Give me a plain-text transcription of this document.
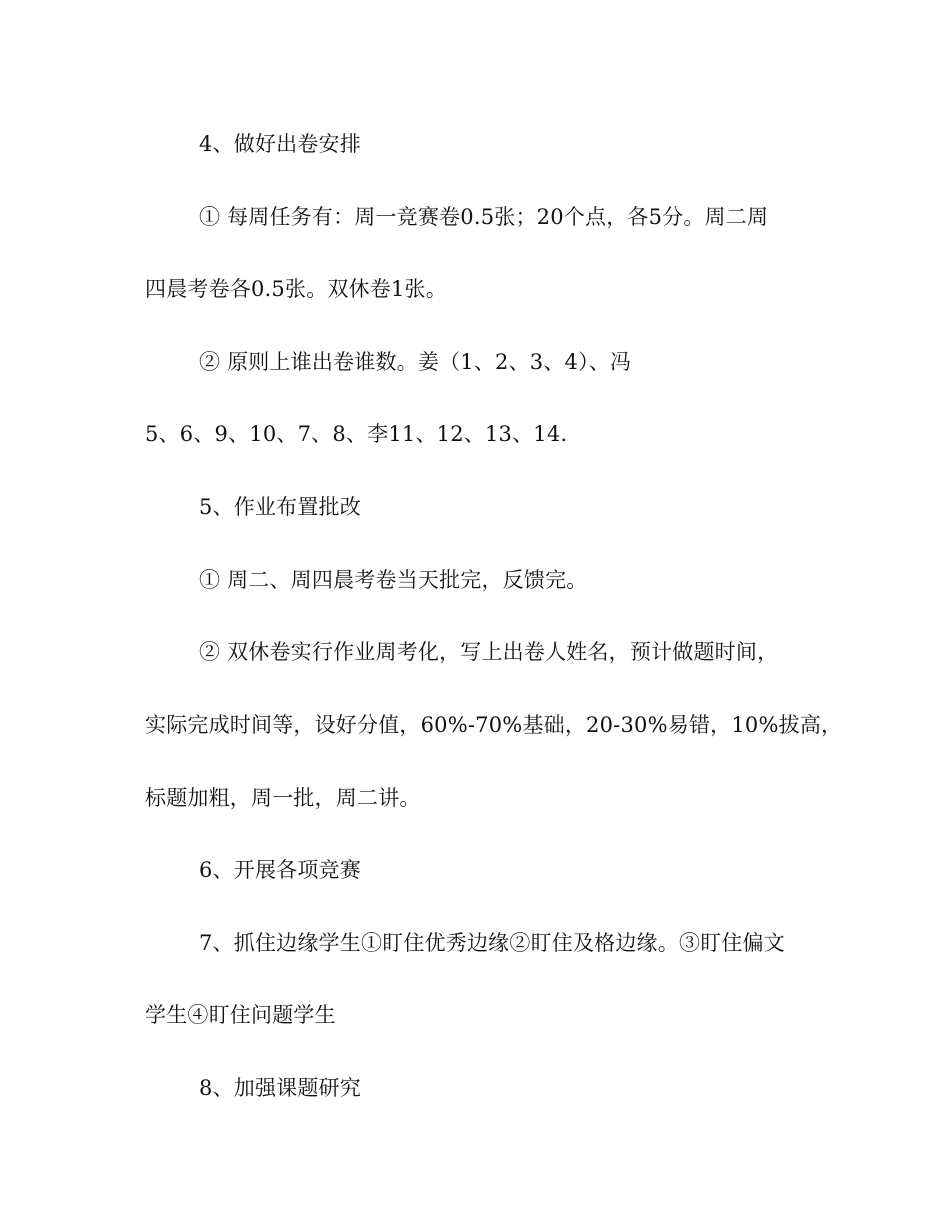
4、做好出卷安排
① 每周任务有：周一竞赛卷0.5张；20个点，各5分。周二周
四晨考卷各0.5张。双休卷1张。
② 原则上谁出卷谁数。姜（1、2、3、4）、冯
5、6、9、10、7、8、李11、12、13、14.
5、作业布置批改
① 周二、周四晨考卷当天批完，反馈完。
② 双休卷实行作业周考化，写上出卷人姓名，预计做题时间，
实际完成时间等，设好分值，60%-70%基础，20-30%易错，10%拔高，
标题加粗，周一批，周二讲。
6、开展各项竞赛
7、抓住边缘学生①盯住优秀边缘②盯住及格边缘。③盯住偏文
学生④盯住问题学生
8、加强课题研究
